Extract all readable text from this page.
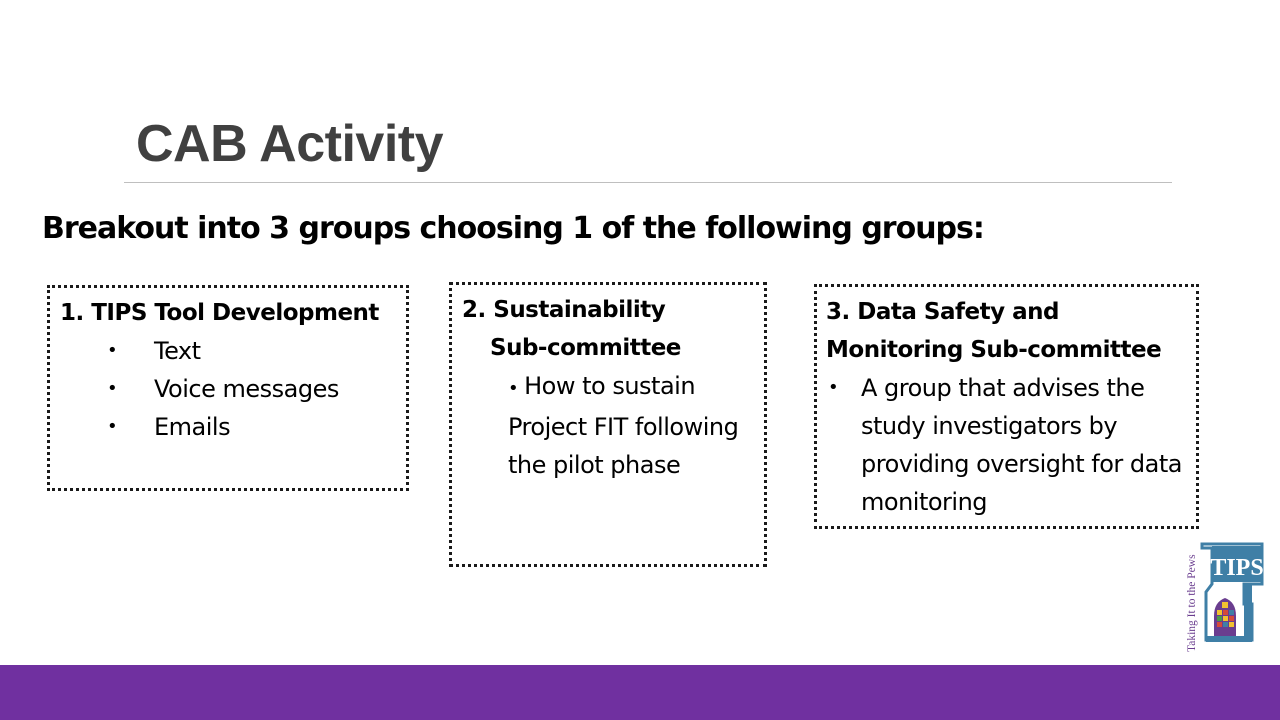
CAB Activity
Breakout into 3 groups choosing 1 of the following groups:

1. TIPS Tool Development

• Text
• Voice messages
• Emails

2. Sustainability
Sub-committee

• How to sustain Project FIT following the pilot phase

3. Data Safety and
Monitoring Sub-committee

• A group that advises the study investigators by providing oversight for data monitoring
Taking It to the Pews TIPS
